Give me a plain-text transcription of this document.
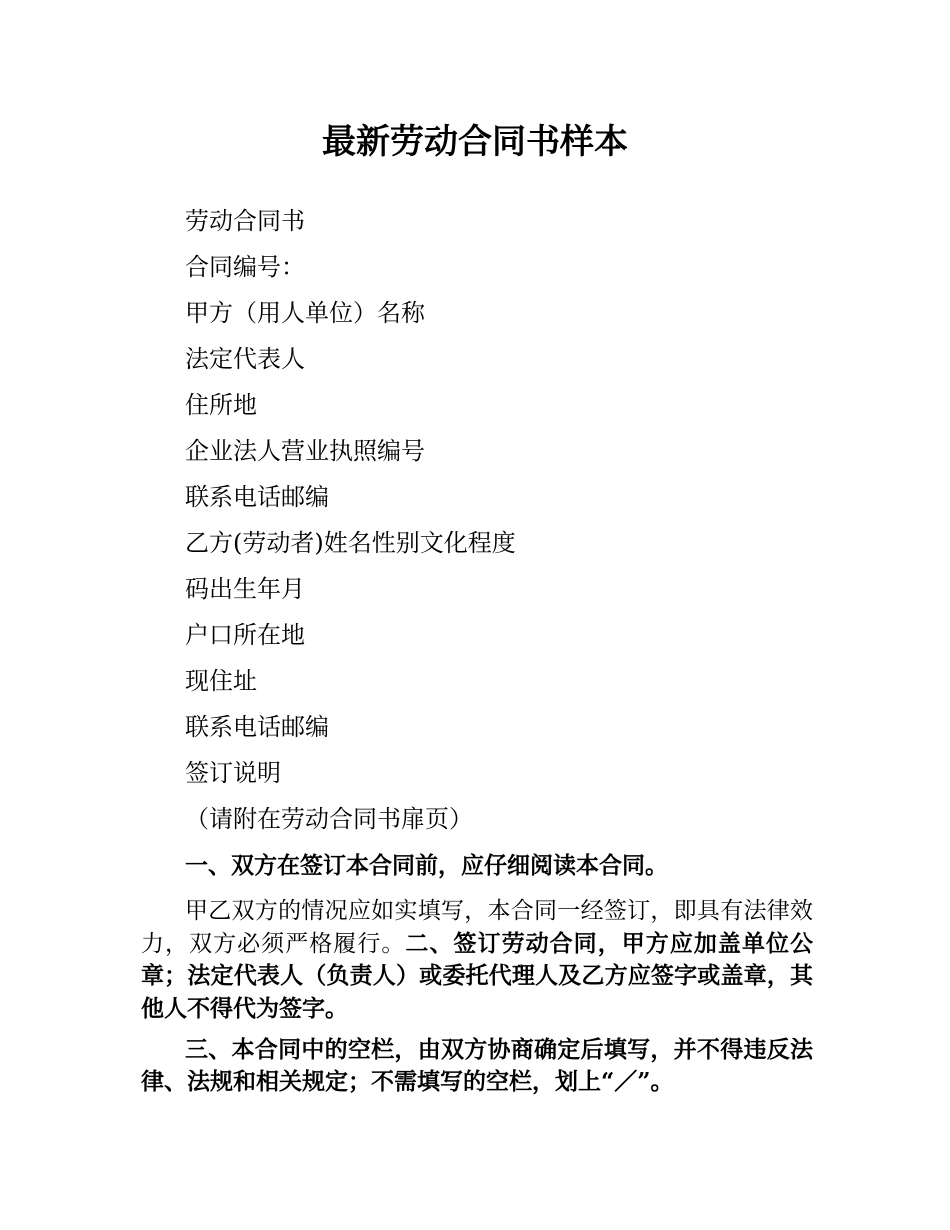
最新劳动合同书样本
劳动合同书
合同编号：
甲方（用人单位）名称
法定代表人
住所地
企业法人营业执照编号
联系电话邮编
乙方(劳动者)姓名性别文化程度
码出生年月
户口所在地
现住址
联系电话邮编
签订说明
（请附在劳动合同书扉页）
一、双方在签订本合同前，应仔细阅读本合同。
甲乙双方的情况应如实填写，本合同一经签订，即具有法律效力，双方必须严格履行。二、签订劳动合同，甲方应加盖单位公章；法定代表人（负责人）或委托代理人及乙方应签字或盖章，其他人不得代为签字。
三、本合同中的空栏，由双方协商确定后填写，并不得违反法律、法规和相关规定；不需填写的空栏，划上“／”。
